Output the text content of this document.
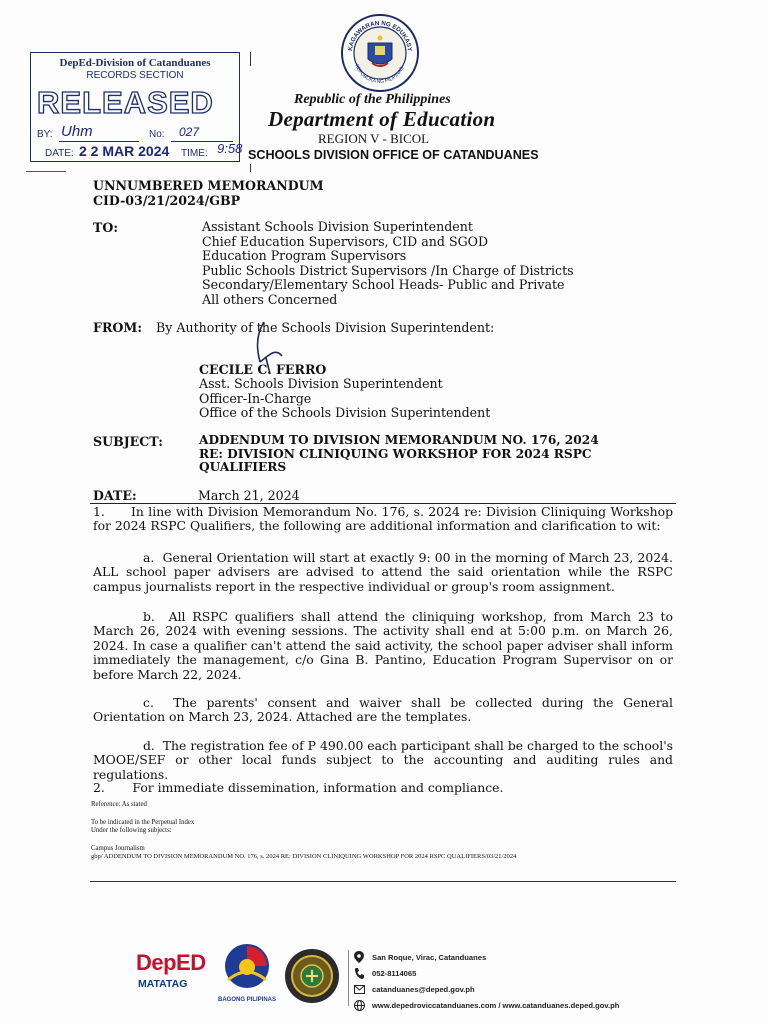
DepEd-Division of Catanduanes
RECORDS SECTION
RELEASED
BY: Uhm	No: 027
DATE: 2 2 MAR 2024 TIME: 9:58
KAGAWARAN NG EDUKASY
REPUBLIKA NG PILIPINAS
Republic of the Philippines
Department of Education
REGION V - BICOL
SCHOOLS DIVISION OFFICE OF CATANDUANES
UNNUMBERED MEMORANDUM
CID-03/21/2024/GBP
TO:	Assistant Schools Division Superintendent
Chief Education Supervisors, CID and SGOD
Education Program Supervisors
Public Schools District Supervisors /In Charge of Districts
Secondary/Elementary School Heads- Public and Private
All others Concerned
FROM: By Authority of the Schools Division Superintendent:
CECILE C. FERRO
Asst. Schools Division Superintendent
Officer-In-Charge
Office of the Schools Division Superintendent
SUBJECT:	ADDENDUM TO DIVISION MEMORANDUM NO. 176, 2024
RE: DIVISION CLINIQUING WORKSHOP FOR 2024 RSPC
QUALIFIERS
DATE:	March 21, 2024
1. In line with Division Memorandum No. 176, s. 2024 re: Division Cliniquing Workshop for 2024 RSPC Qualifiers, the following are additional information and clarification to wit:
a. General Orientation will start at exactly 9: 00 in the morning of March 23, 2024. ALL school paper advisers are advised to attend the said orientation while the RSPC campus journalists report in the respective individual or group's room assignment.
b. All RSPC qualifiers shall attend the cliniquing workshop, from March 23 to March 26, 2024 with evening sessions. The activity shall end at 5:00 p.m. on March 26, 2024. In case a qualifier can't attend the said activity, the school paper adviser shall inform immediately the management, c/o Gina B. Pantino, Education Program Supervisor on or before March 22, 2024.
c. The parents' consent and waiver shall be collected during the General Orientation on March 23, 2024. Attached are the templates.
d. The registration fee of P 490.00 each participant shall be charged to the school's MOOE/SEF or other local funds subject to the accounting and auditing rules and regulations.
2. For immediate dissemination, information and compliance.
Reference: As stated
To be indicated in the Perpetual Index
Under the following subjects:
Campus Journalism
gbp/ ADDENDUM TO DIVISION MEMORANDUM NO. 176, s. 2024 RE: DIVISION CLINIQUING WORKSHOP FOR 2024 RSPC QUALIFIERS/03/21/2024
DepED
MATATAG
BAGONG PILIPINAS
San Roque, Virac, Catanduanes
052-8114065
catanduanes@deped.gov.ph
www.depedroviccatanduanes.com / www.catanduanes.deped.gov.ph
